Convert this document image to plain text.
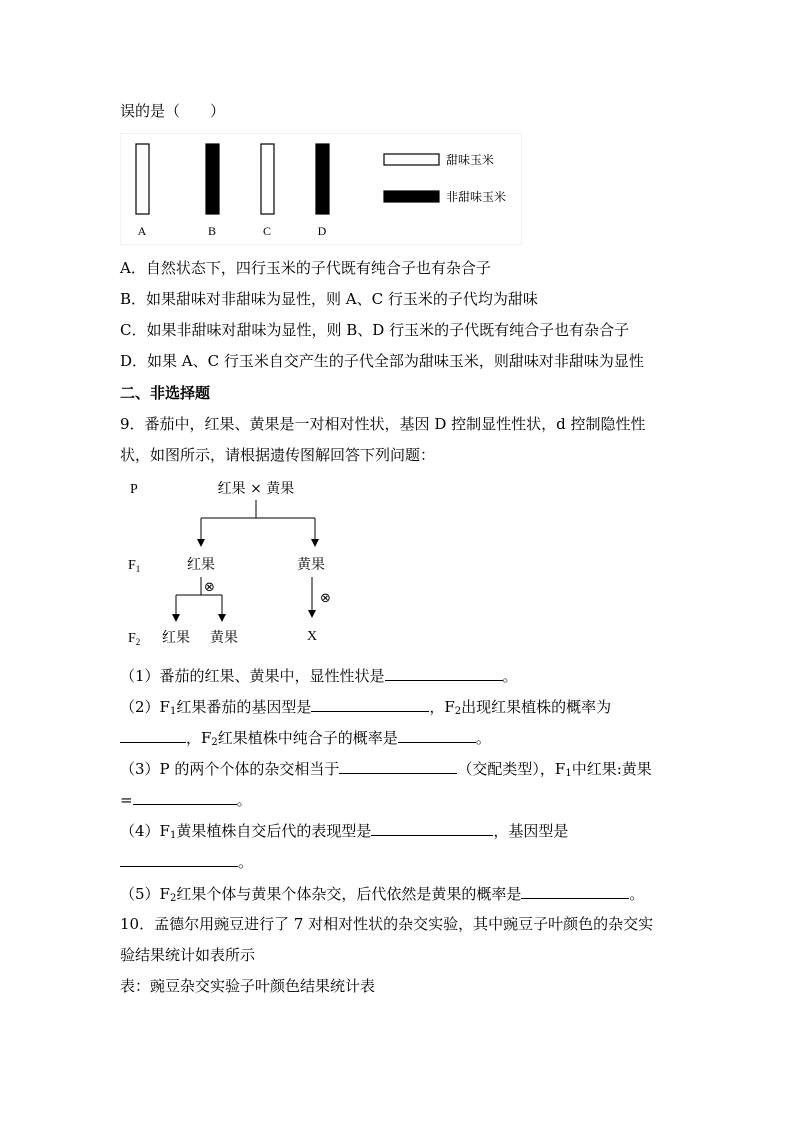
误的是（　　）
A	B	C	D
甜味玉米
非甜味玉米
A．自然状态下，四行玉米的子代既有纯合子也有杂合子
B．如果甜味对非甜味为显性，则 A、C 行玉米的子代均为甜味
C．如果非甜味对甜味为显性，则 B、D 行玉米的子代既有纯合子也有杂合子
D．如果 A、C 行玉米自交产生的子代全部为甜味玉米，则甜味对非甜味为显性
二、非选择题
9．番茄中，红果、黄果是一对相对性状，基因 D 控制显性性状，d 控制隐性性
状，如图所示，请根据遗传图解回答下列问题：
P	红果 × 黄果
$F_1$	红果	黄果
⊗
⊗
$F_2$ 红果 黄果	X
（1）番茄的红果、黄果中，显性性状是	。
$(2)F_1$红果番茄的基因型是	，$F_2$出现红果植株的概率为
，$F_2$红果植株中纯合子的概率是	。
（3）P 的两个个体的杂交相当于	（交配类型），$F_1$中红果:黄果
=	。
$(4)F_1$黄果植株自交后代的表现型是	，基因型是
。
$(5)F_2$红果个体与黄果个体杂交，后代依然是黄果的概率是	。
10．孟德尔用豌豆进行了 7 对相对性状的杂交实验，其中豌豆子叶颜色的杂交实
验结果统计如表所示
表：豌豆杂交实验子叶颜色结果统计表
